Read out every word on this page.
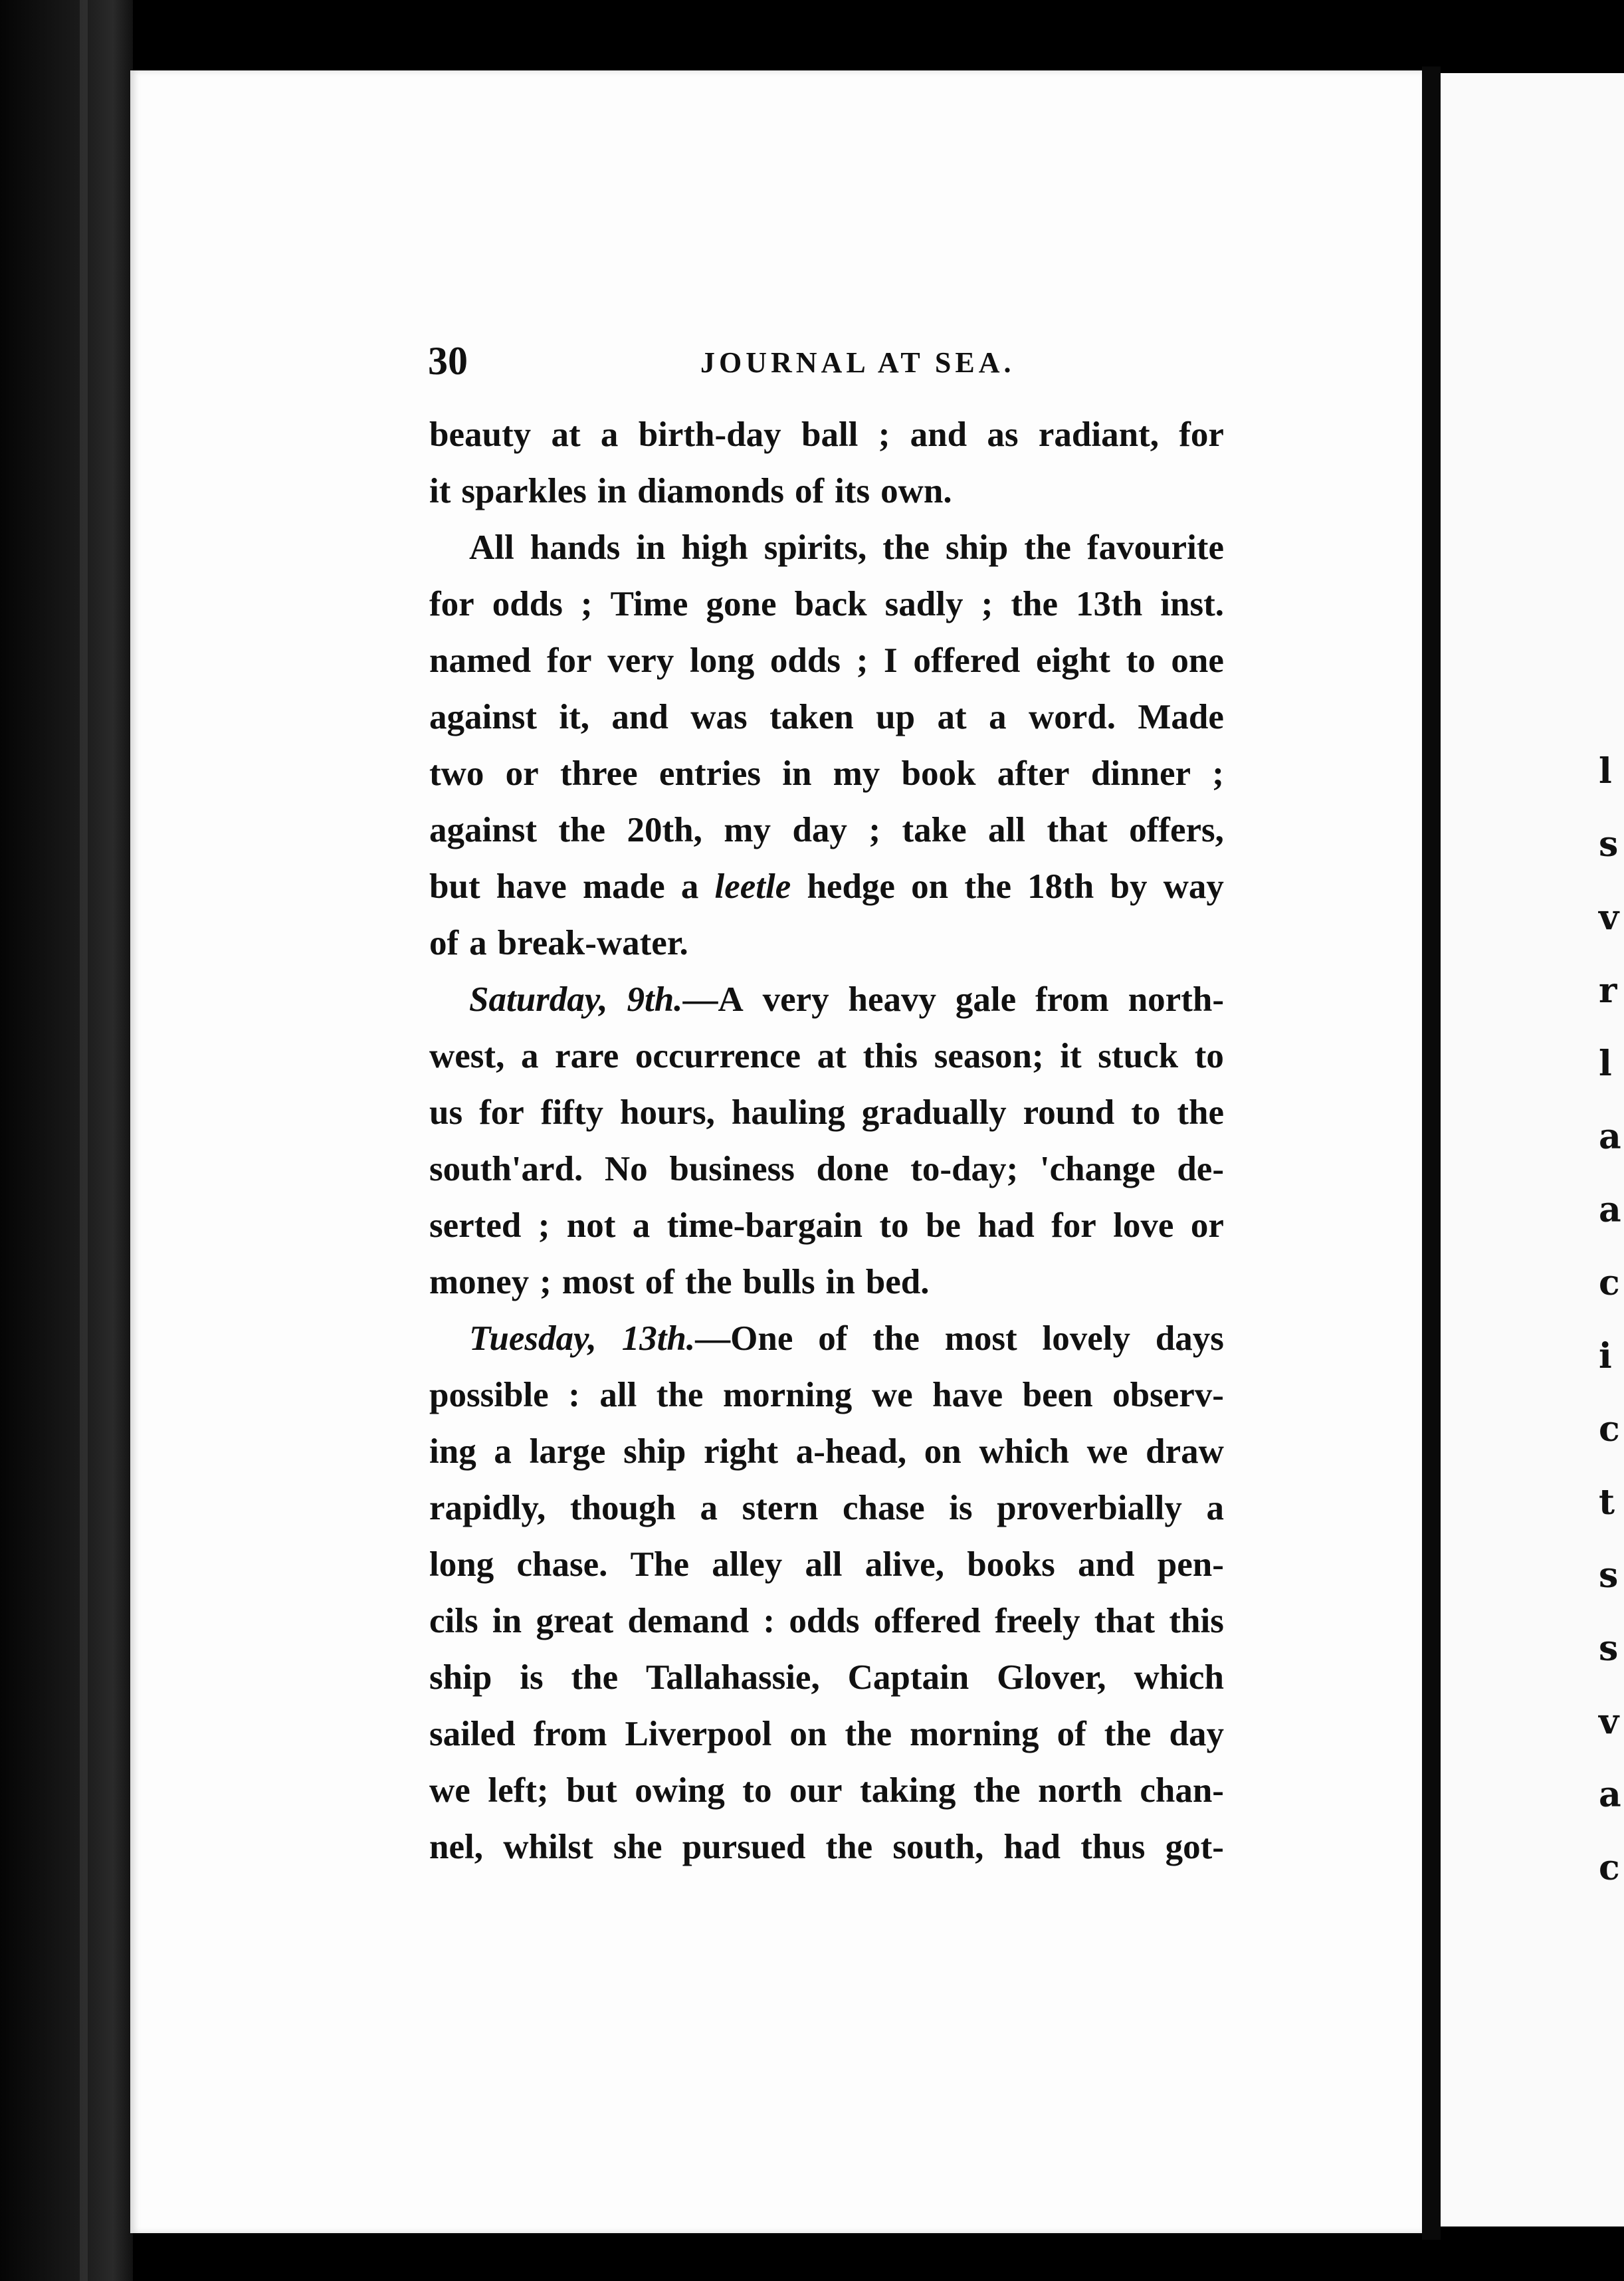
l
s
v
r
l
a
a
c
i
c
t
s
s
v
a
c
30	JOURNAL AT SEA.
beauty at a birth-day ball ; and as radiant, for
it sparkles in diamonds of its own.
All hands in high spirits, the ship the favourite
for odds ; Time gone back sadly ; the 13th inst.
named for very long odds ; I offered eight to one
against it, and was taken up at a word. Made
two or three entries in my book after dinner ;
against the 20th, my day ; take all that offers,
but have made a leetle hedge on the 18th by way
of a break-water.
Saturday, 9th.—A very heavy gale from north-
west, a rare occurrence at this season; it stuck to
us for fifty hours, hauling gradually round to the
south'ard. No business done to-day; 'change de-
serted ; not a time-bargain to be had for love or
money ; most of the bulls in bed.
Tuesday, 13th.—One of the most lovely days
possible : all the morning we have been observ-
ing a large ship right a-head, on which we draw
rapidly, though a stern chase is proverbially a
long chase. The alley all alive, books and pen-
cils in great demand : odds offered freely that this
ship is the Tallahassie, Captain Glover, which
sailed from Liverpool on the morning of the day
we left; but owing to our taking the north chan-
nel, whilst she pursued the south, had thus got-
